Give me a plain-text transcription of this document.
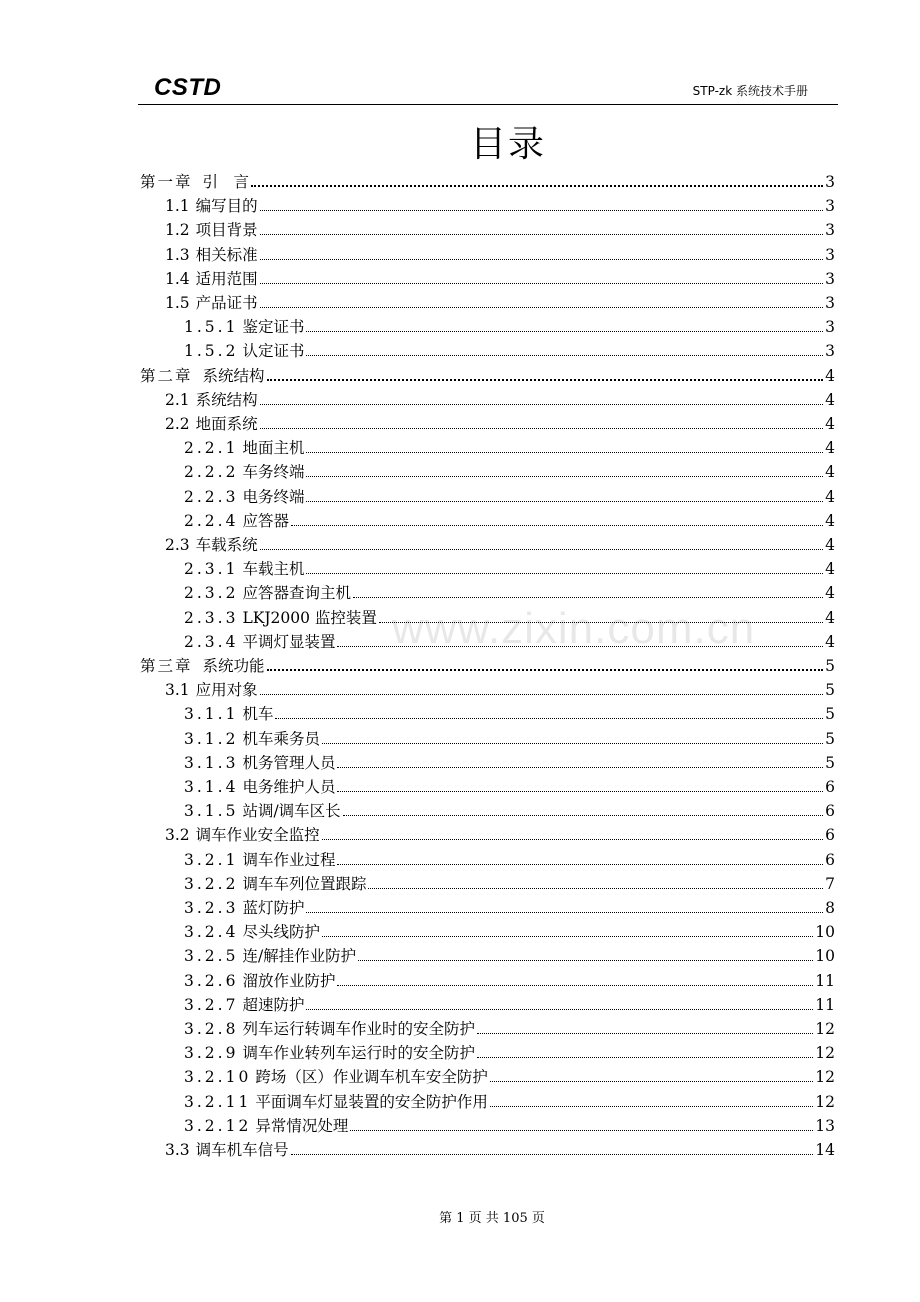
CSTD	STP-zk 系统技术手册
目录
www.zixin.com.cn
第一章 引　言	3
1.1 编写目的	3
1.2 项目背景	3
1.3 相关标准	3
1.4 适用范围	3
1.5 产品证书	3
1.5.1 鉴定证书	3
1.5.2 认定证书	3
第二章 系统结构	4
2.1 系统结构	4
2.2 地面系统	4
2.2.1 地面主机	4
2.2.2 车务终端	4
2.2.3 电务终端	4
2.2.4 应答器	4
2.3 车载系统	4
2.3.1 车载主机	4
2.3.2 应答器查询主机	4
2.3.3 LKJ2000 监控装置	4
2.3.4 平调灯显装置	4
第三章 系统功能	5
3.1 应用对象	5
3.1.1 机车	5
3.1.2 机车乘务员	5
3.1.3 机务管理人员	5
3.1.4 电务维护人员	6
3.1.5 站调/调车区长	6
3.2 调车作业安全监控	6
3.2.1 调车作业过程	6
3.2.2 调车车列位置跟踪	7
3.2.3 蓝灯防护	8
3.2.4 尽头线防护	10
3.2.5 连/解挂作业防护	10
3.2.6 溜放作业防护	11
3.2.7 超速防护	11
3.2.8 列车运行转调车作业时的安全防护	12
3.2.9 调车作业转列车运行时的安全防护	12
3.2.10 跨场（区）作业调车机车安全防护	12
3.2.11 平面调车灯显装置的安全防护作用	12
3.2.12 异常情况处理	13
3.3 调车机车信号	14
第 1 页 共 105 页
